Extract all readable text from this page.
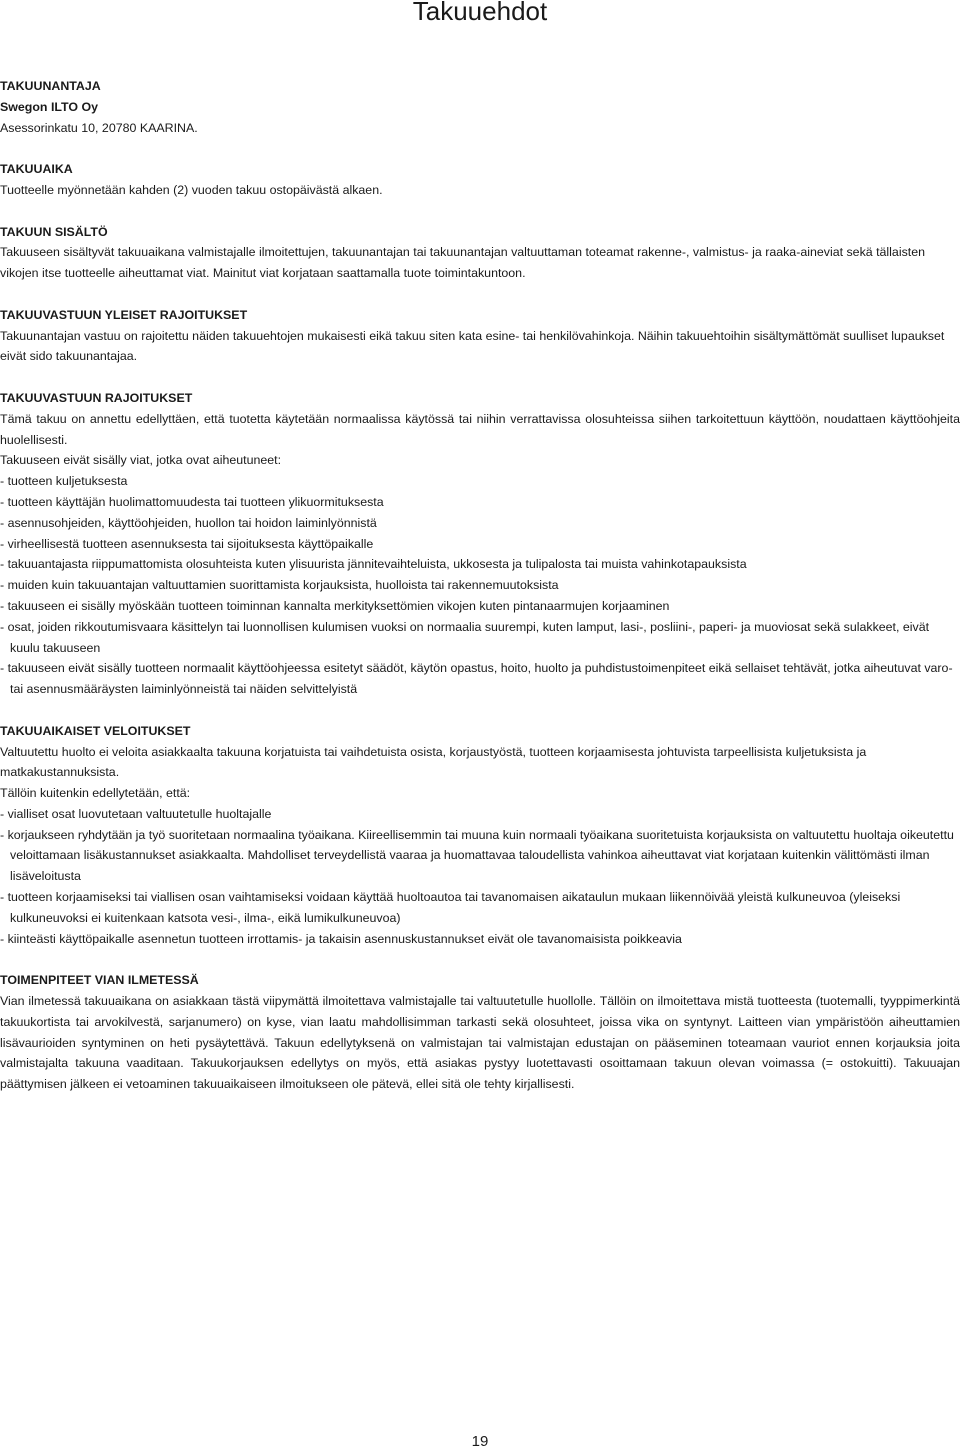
Takuuehdot

TAKUUNANTAJA

Swegon ILTO Oy

Asessorinkatu 10, 20780 KAARINA.

TAKUUAIKA

Tuotteelle myönnetään kahden (2) vuoden takuu ostopäivästä alkaen.

TAKUUN SISÄLTÖ

Takuuseen sisältyvät takuuaikana valmistajalle ilmoitettujen, takuunantajan tai takuunantajan valtuuttaman toteamat rakenne-, valmistus- ja raaka-aineviat sekä tällaisten vikojen itse tuotteelle aiheuttamat viat. Mainitut viat korjataan saattamalla tuote toimintakuntoon.

TAKUUVASTUUN YLEISET RAJOITUKSET

Takuunantajan vastuu on rajoitettu näiden takuuehtojen mukaisesti eikä takuu siten kata esine- tai henkilövahinkoja. Näihin takuuehtoihin sisältymättömät suulliset lupaukset eivät sido takuunantajaa.

TAKUUVASTUUN RAJOITUKSET

Tämä takuu on annettu edellyttäen, että tuotetta käytetään normaalissa käytössä tai niihin verrattavissa olosuhteissa siihen tarkoitettuun käyttöön, noudattaen käyttöohjeita huolellisesti.

Takuuseen eivät sisälly viat, jotka ovat aiheutuneet:

- tuotteen kuljetuksesta

- tuotteen käyttäjän huolimattomuudesta tai tuotteen ylikuormituksesta

- asennusohjeiden, käyttöohjeiden, huollon tai hoidon laiminlyönnistä

- virheellisestä tuotteen asennuksesta tai sijoituksesta käyttöpaikalle

- takuuantajasta riippumattomista olosuhteista kuten ylisuurista jännitevaihteluista, ukkosesta ja tulipalosta tai muista vahinkotapauksista

- muiden kuin takuuantajan valtuuttamien suorittamista korjauksista, huolloista tai rakennemuutoksista

- takuuseen ei sisälly myöskään tuotteen toiminnan kannalta merkityksettömien vikojen kuten pintanaarmujen korjaaminen

- osat, joiden rikkoutumisvaara käsittelyn tai luonnollisen kulumisen vuoksi on normaalia suurempi, kuten lamput, lasi-, posliini-, paperi- ja muoviosat sekä sulakkeet, eivät kuulu takuuseen

- takuuseen eivät sisälly tuotteen normaalit käyttöohjeessa esitetyt säädöt, käytön opastus, hoito, huolto ja puhdistustoimenpiteet eikä sellaiset tehtävät, jotka aiheutuvat varo- tai asennusmääräysten laiminlyönneistä tai näiden selvittelyistä

TAKUUAIKAISET VELOITUKSET

Valtuutettu huolto ei veloita asiakkaalta takuuna korjatuista tai vaihdetuista osista, korjaustyöstä, tuotteen korjaamisesta johtuvista tarpeellisista kuljetuksista ja matkakustannuksista.

Tällöin kuitenkin edellytetään, että:

- vialliset osat luovutetaan valtuutetulle huoltajalle

- korjaukseen ryhdytään ja työ suoritetaan normaalina työaikana. Kiireellisemmin tai muuna kuin normaali työaikana suoritetuista korjauksista on valtuutettu huoltaja oikeutettu veloittamaan lisäkustannukset asiakkaalta. Mahdolliset terveydellistä vaaraa ja huomattavaa taloudellista vahinkoa aiheuttavat viat korjataan kuitenkin välittömästi ilman lisäveloitusta

- tuotteen korjaamiseksi tai viallisen osan vaihtamiseksi voidaan käyttää huoltoautoa tai tavanomaisen aikataulun mukaan liikennöivää yleistä kulkuneuvoa (yleiseksi kulkuneuvoksi ei kuitenkaan katsota vesi-, ilma-, eikä lumikulkuneuvoa)

- kiinteästi käyttöpaikalle asennetun tuotteen irrottamis- ja takaisin asennuskustannukset eivät ole tavanomaisista poikkeavia

TOIMENPITEET VIAN ILMETESSÄ

Vian ilmetessä takuuaikana on asiakkaan tästä viipymättä ilmoitettava valmistajalle tai valtuutetulle huollolle. Tällöin on ilmoitettava mistä tuotteesta (tuotemalli, tyyppimerkintä takuukortista tai arvokilvestä, sarjanumero) on kyse, vian laatu mahdollisimman tarkasti sekä olosuhteet, joissa vika on syntynyt. Laitteen vian ympäristöön aiheuttamien lisävaurioiden syntyminen on heti pysäytettävä. Takuun edellytyksenä on valmistajan tai valmistajan edustajan on pääseminen toteamaan vauriot ennen korjauksia joita valmistajalta takuuna vaaditaan. Takuukorjauksen edellytys on myös, että asiakas pystyy luotettavasti osoittamaan takuun olevan voimassa (= ostokuitti). Takuuajan päättymisen jälkeen ei vetoaminen takuuaikaiseen ilmoitukseen ole pätevä, ellei sitä ole tehty kirjallisesti.

19
